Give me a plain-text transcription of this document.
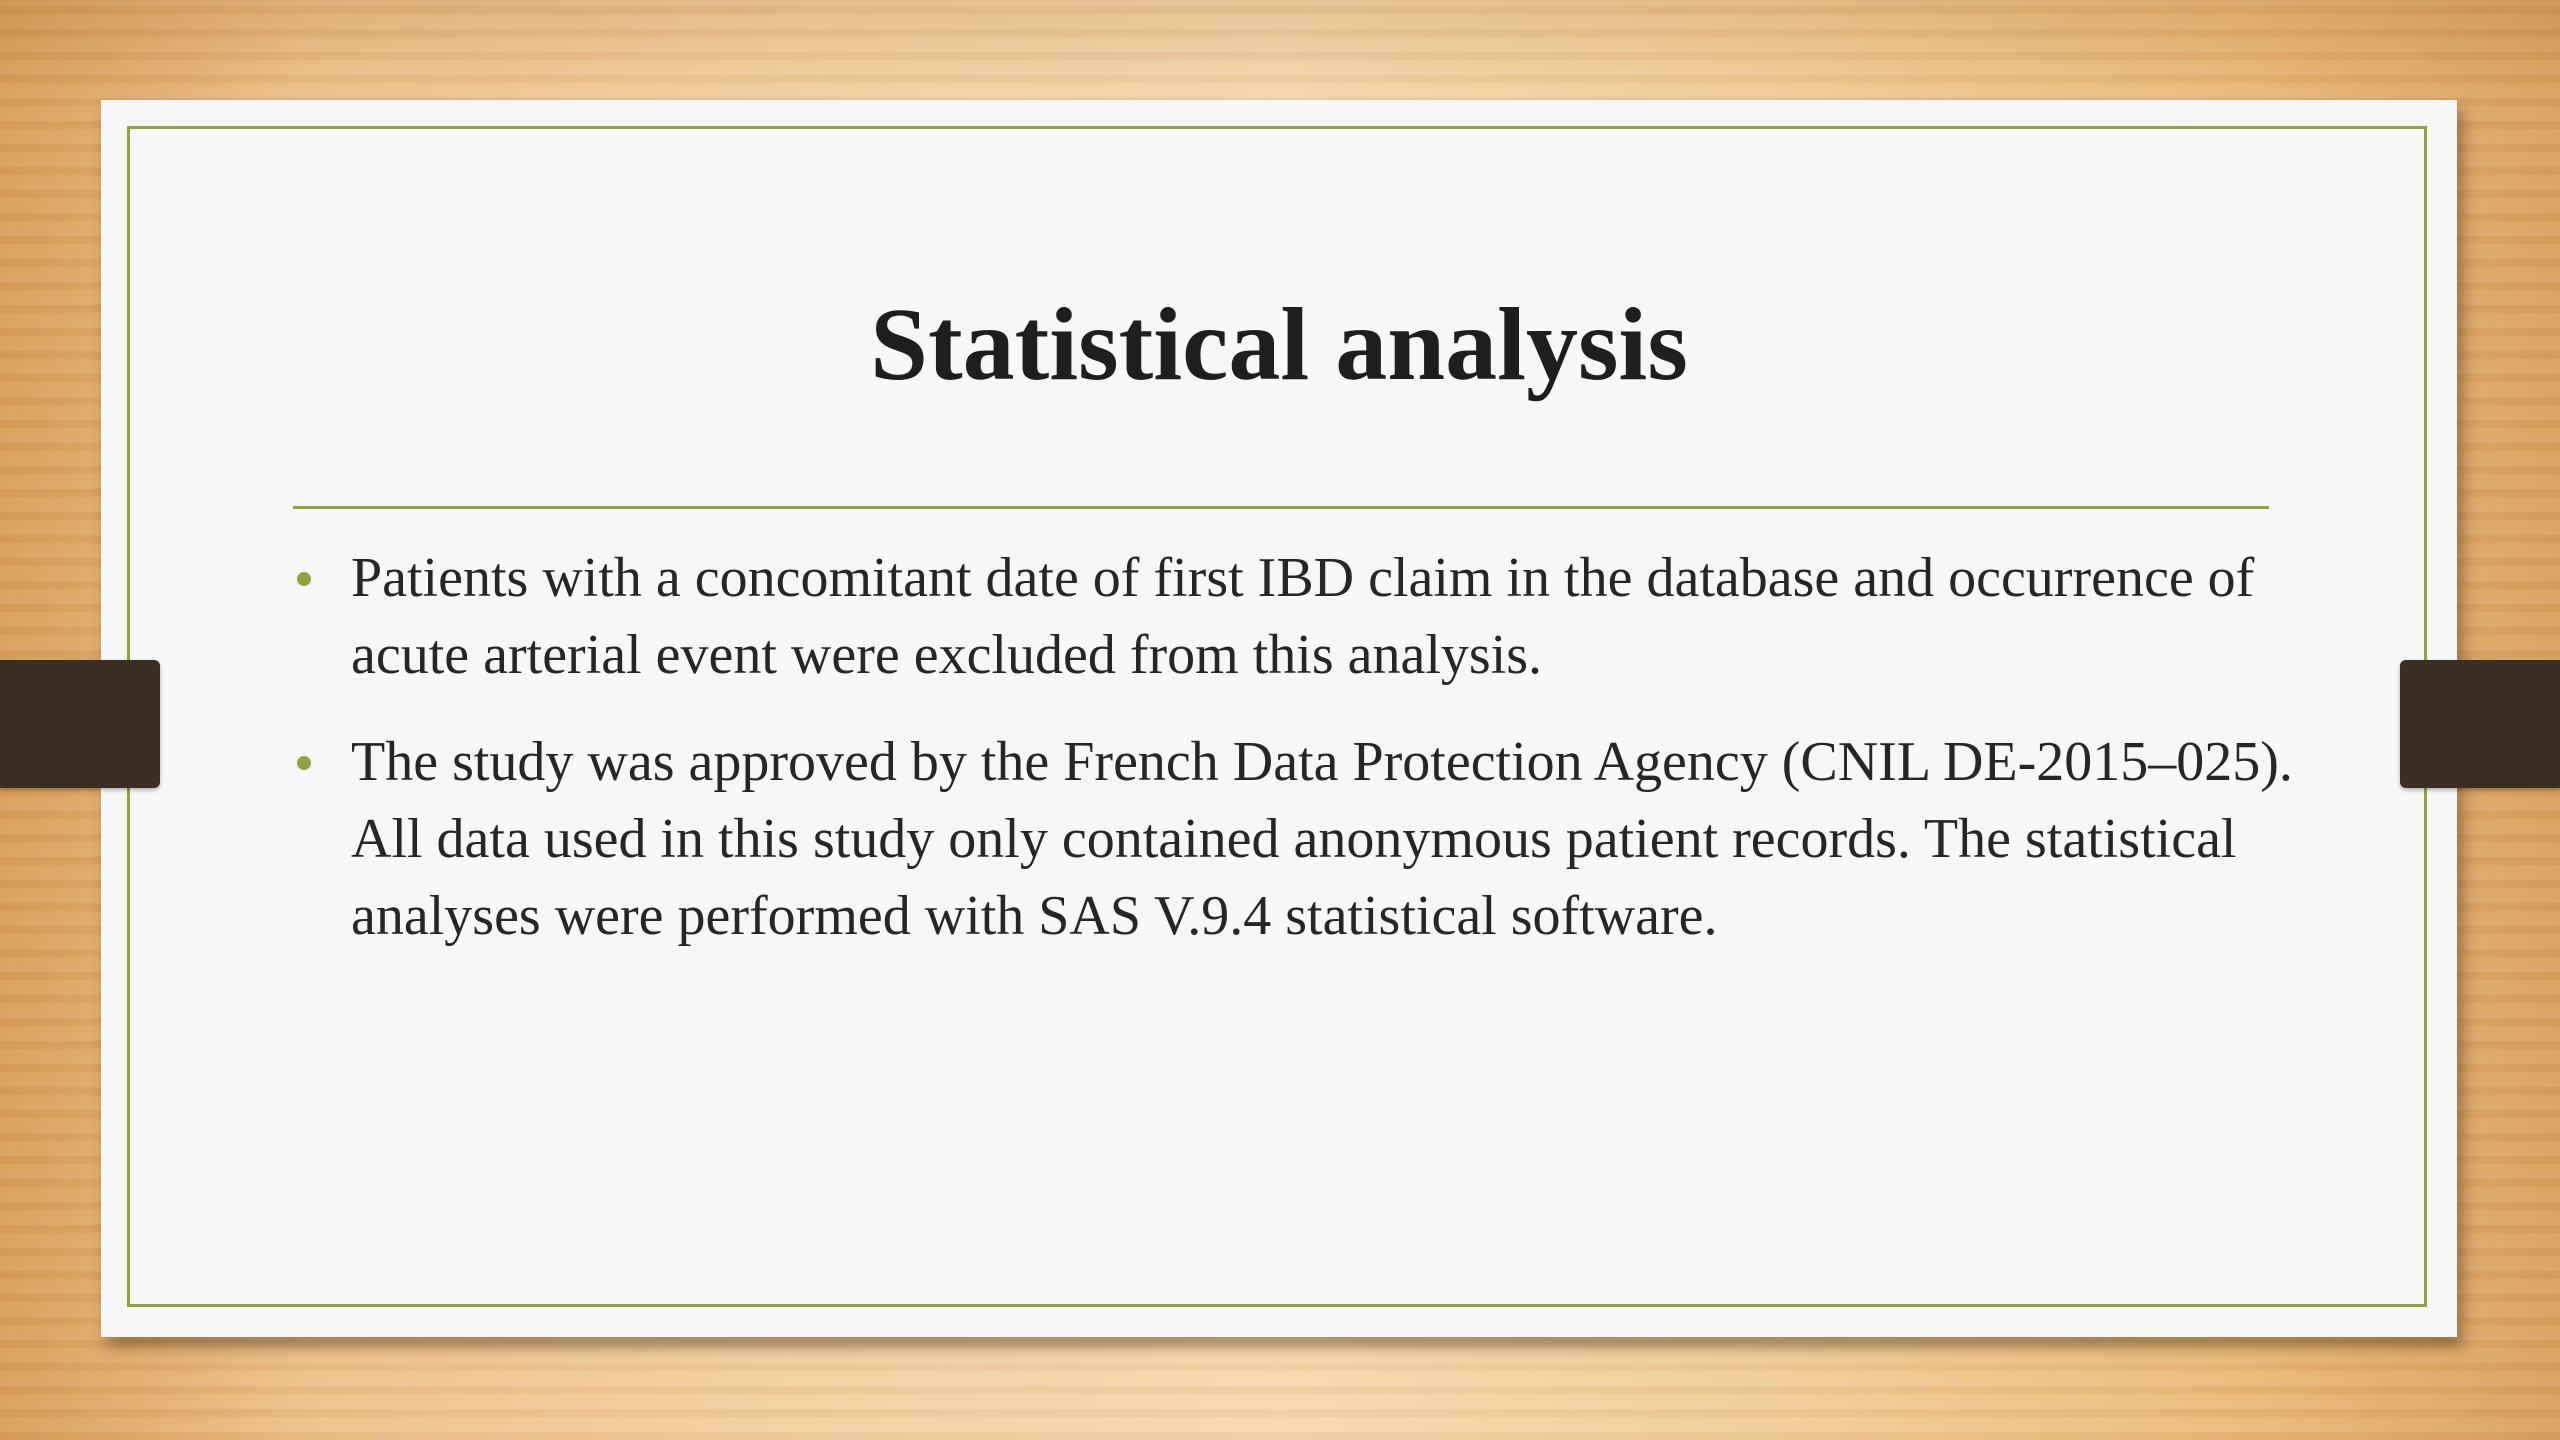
Statistical analysis
Patients with a concomitant date of first IBD claim in the database and occurrence of acute arterial event were excluded from this analysis.
The study was approved by the French Data Protection Agency (CNIL DE-2015–025). All data used in this study only contained anonymous patient records. The statistical analyses were performed with SAS V.9.4 statistical software.
